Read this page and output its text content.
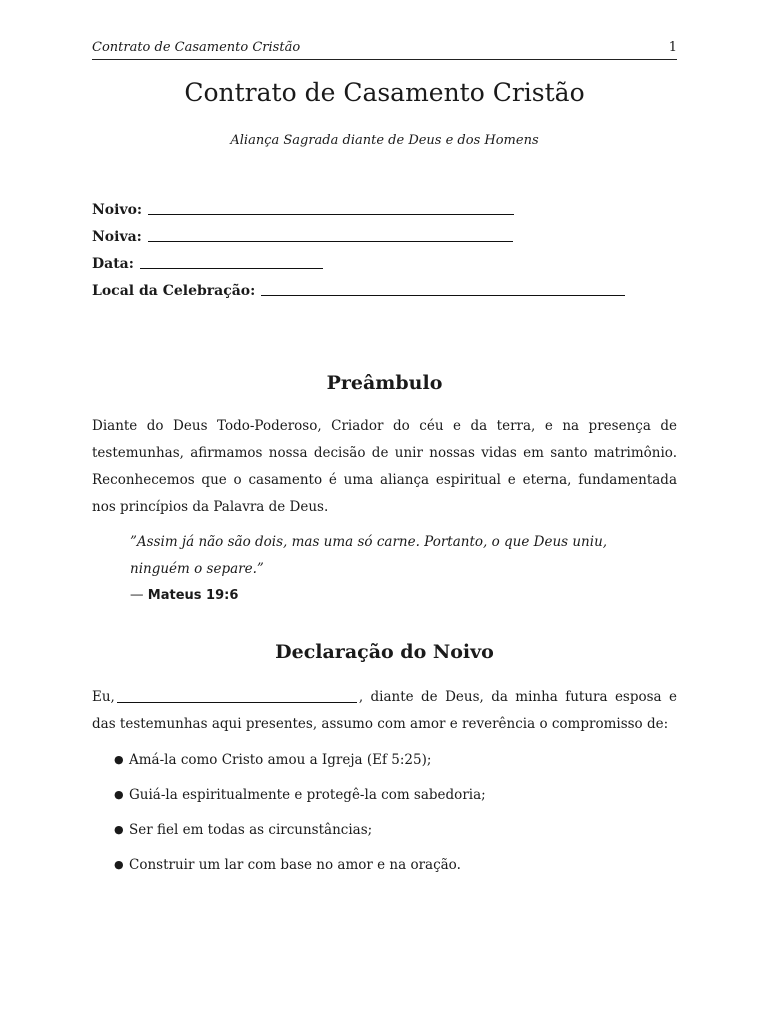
Contrato de Casamento Cristão	1
Contrato de Casamento Cristão
Aliança Sagrada diante de Deus e dos Homens
Noivo:
Noiva:
Data:
Local da Celebração:
Preâmbulo

Diante do Deus Todo-Poderoso, Criador do céu e da terra, e na presença de testemunhas, afirmamos nossa decisão de unir nossas vidas em santo matrimônio. Reconhecemos que o casamento é uma aliança espiritual e eterna, fundamentada nos princípios da Palavra de Deus.

”Assim já não são dois, mas uma só carne. Portanto, o que Deus uniu, ninguém o separe.”

— Mateus 19:6
Declaração do Noivo

Eu,	, diante de Deus, da minha futura esposa e das testemunhas aqui presentes, assumo com amor e reverência o compromisso de:

● Amá-la como Cristo amou a Igreja (Ef 5:25);
● Guiá-la espiritualmente e protegê-la com sabedoria;
● Ser fiel em todas as circunstâncias;
● Construir um lar com base no amor e na oração.
